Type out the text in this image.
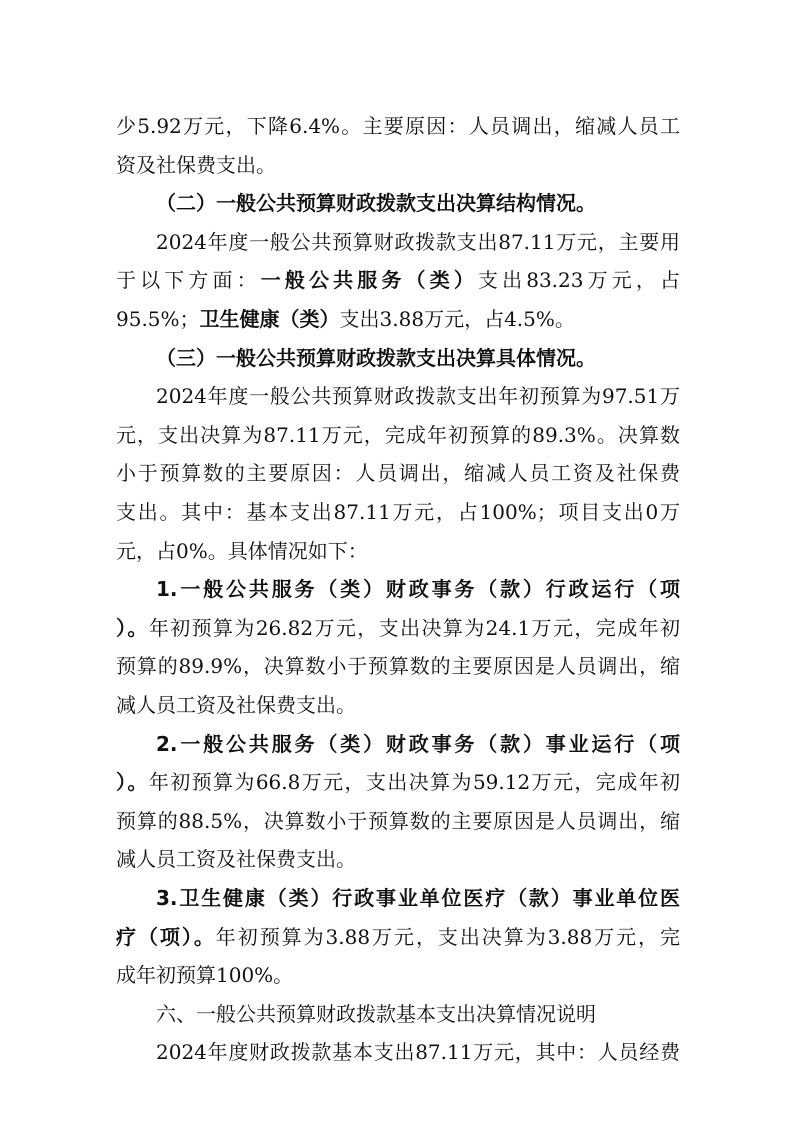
少5.92万元，下降6.4%。主要原因：人员调出，缩减人员工
资及社保费支出。
（二）一般公共预算财政拨款支出决算结构情况。
2024年度一般公共预算财政拨款支出87.11万元，主要用
于以下方面：一般公共服务（类）支出83.23万元，占
95.5%；卫生健康（类）支出3.88万元，占4.5%。
（三）一般公共预算财政拨款支出决算具体情况。
2024年度一般公共预算财政拨款支出年初预算为97.51万
元，支出决算为87.11万元，完成年初预算的89.3%。决算数
小于预算数的主要原因：人员调出，缩减人员工资及社保费
支出。其中：基本支出87.11万元，占100%；项目支出0万
元，占0%。具体情况如下：
1.一般公共服务（类）财政事务（款）行政运行（项
）。年初预算为26.82万元，支出决算为24.1万元，完成年初
预算的89.9%，决算数小于预算数的主要原因是人员调出，缩
减人员工资及社保费支出。
2.一般公共服务（类）财政事务（款）事业运行（项
）。年初预算为66.8万元，支出决算为59.12万元，完成年初
预算的88.5%，决算数小于预算数的主要原因是人员调出，缩
减人员工资及社保费支出。
3.卫生健康（类）行政事业单位医疗（款）事业单位医
疗（项）。年初预算为3.88万元，支出决算为3.88万元，完
成年初预算100%。
六、一般公共预算财政拨款基本支出决算情况说明
2024年度财政拨款基本支出87.11万元，其中：人员经费
